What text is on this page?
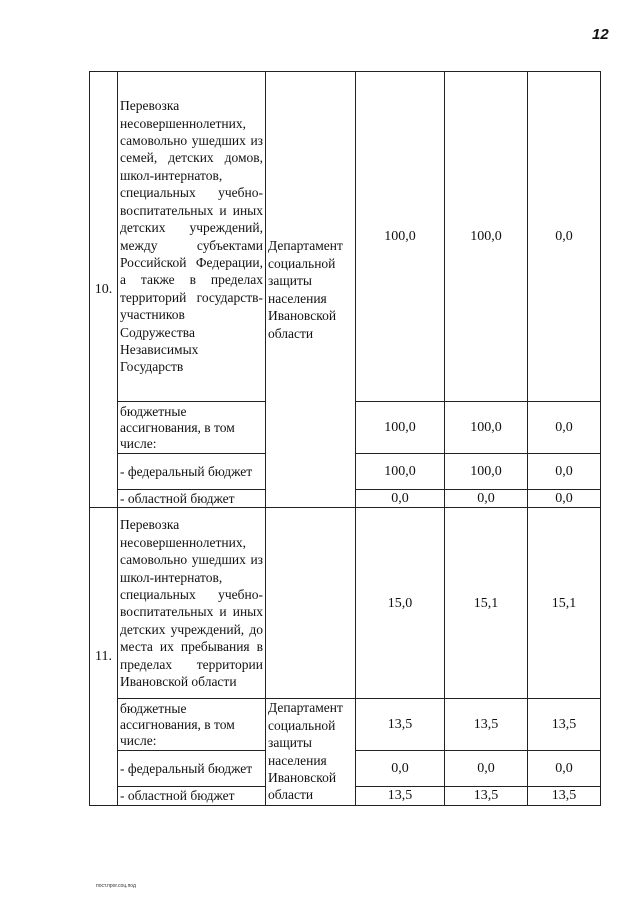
12
10.	Перевозка несовершеннолетних, самовольно ушедших из семей, детских домов, школ-интернатов, специальных учебно-воспитательных и иных детских учреждений, между субъектами Российской Федерации, а также в пределах территорий государств-участников Содружества Независимых Государств	Департамент социальной защиты населения Ивановской области	100,0	100,0	0,0
	бюджетные ассигнования, в том числе:		100,0	100,0	0,0
	- федеральный бюджет		100,0	100,0	0,0
	- областной бюджет		0,0	0,0	0,0
11.	Перевозка несовершеннолетних, самовольно ушедших из школ-интернатов, специальных учебно-воспитательных и иных детских учреждений, до места их пребывания в пределах территории Ивановской области		15,0	15,1	15,1
	бюджетные ассигнования, в том числе:	Департамент социальной защиты населения Ивановской области	13,5	13,5	13,5
	- федеральный бюджет		0,0	0,0	0,0
	- областной бюджет		13,5	13,5	13,5
пост.прог.соц.под
